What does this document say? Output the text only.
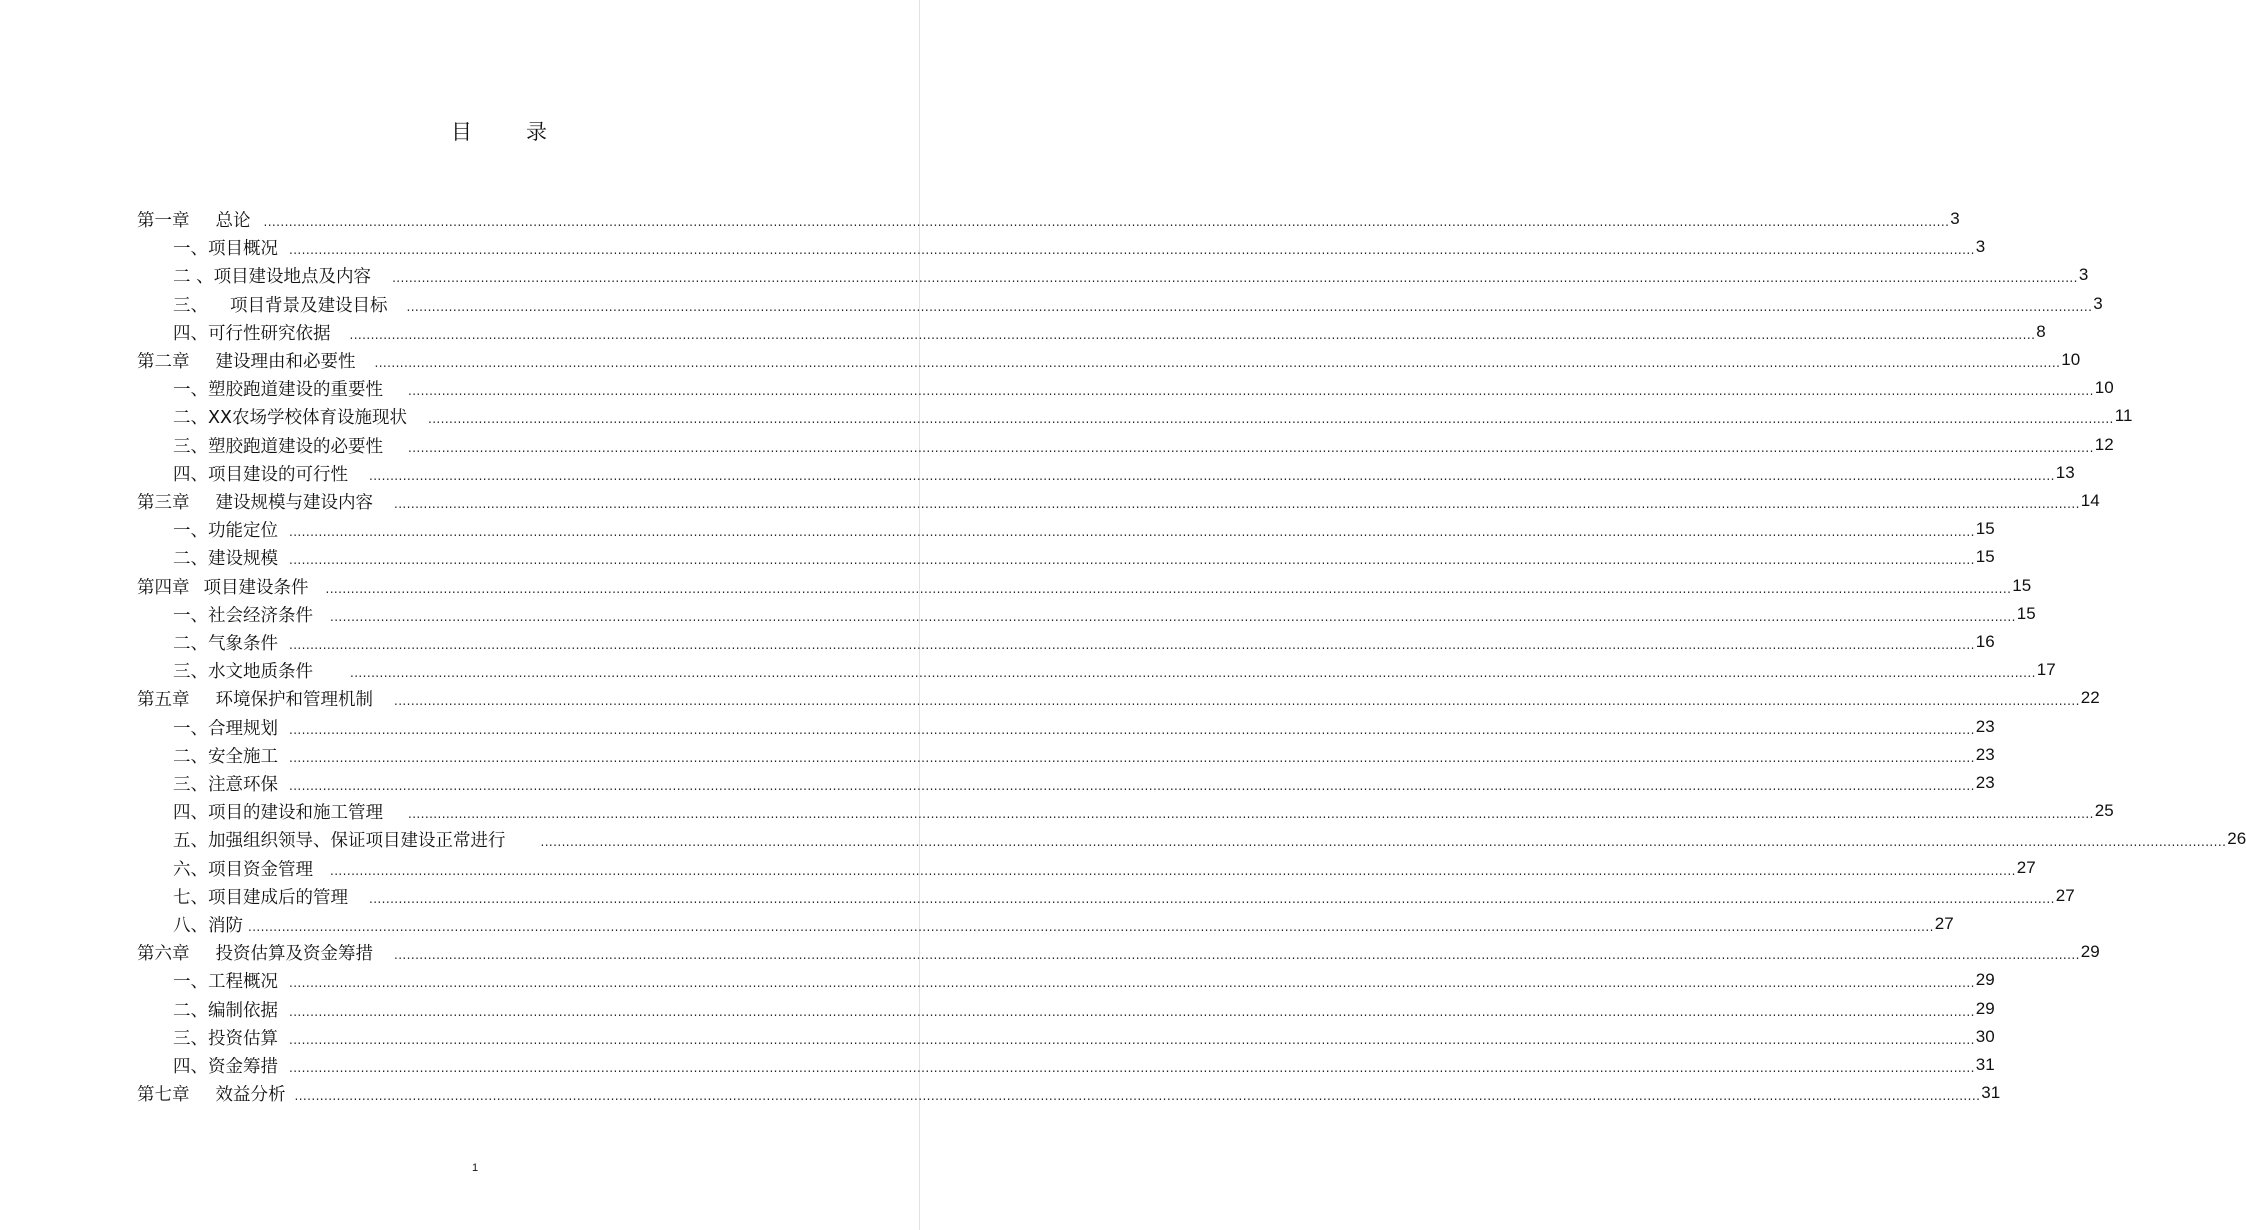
目 录
第一章 总论 ................................................................................................................................................................................................................................................................................................................................................................................................................ 3
一、项目概况 ................................................................................................................................................................................................................................................................................................................................................................................................................ 3
二 、项目建设地点及内容 ................................................................................................................................................................................................................................................................................................................................................................................................................ 3
三、 项目背景及建设目标 ................................................................................................................................................................................................................................................................................................................................................................................................................ 3
四、可行性研究依据 ................................................................................................................................................................................................................................................................................................................................................................................................................ 8
第二章 建设理由和必要性 ................................................................................................................................................................................................................................................................................................................................................................................................................ 10
一、塑胶跑道建设的重要性 ................................................................................................................................................................................................................................................................................................................................................................................................................ 10
二、XX农场学校体育设施现状 ................................................................................................................................................................................................................................................................................................................................................................................................................ 11
三、塑胶跑道建设的必要性 ................................................................................................................................................................................................................................................................................................................................................................................................................ 12
四、项目建设的可行性 ................................................................................................................................................................................................................................................................................................................................................................................................................ 13
第三章 建设规模与建设内容 ................................................................................................................................................................................................................................................................................................................................................................................................................ 14
一、功能定位 ................................................................................................................................................................................................................................................................................................................................................................................................................ 15
二、建设规模 ................................................................................................................................................................................................................................................................................................................................................................................................................ 15
第四章 项目建设条件 ................................................................................................................................................................................................................................................................................................................................................................................................................ 15
一、社会经济条件 ................................................................................................................................................................................................................................................................................................................................................................................................................ 15
二、气象条件 ................................................................................................................................................................................................................................................................................................................................................................................................................ 16
三、水文地质条件	................................................................................................................................................................................................................................................................................................................................................................................................................ 17
第五章 环境保护和管理机制 ................................................................................................................................................................................................................................................................................................................................................................................................................ 22
一、合理规划 ................................................................................................................................................................................................................................................................................................................................................................................................................ 23
二、安全施工 ................................................................................................................................................................................................................................................................................................................................................................................................................ 23
三、注意环保 ................................................................................................................................................................................................................................................................................................................................................................................................................ 23
四、项目的建设和施工管理 ................................................................................................................................................................................................................................................................................................................................................................................................................ 25
五、加强组织领导、保证项目建设正常进行	................................................................................................................................................................................................................................................................................................................................................................................................................ 26
六、项目资金管理 ................................................................................................................................................................................................................................................................................................................................................................................................................ 27
七、项目建成后的管理 ................................................................................................................................................................................................................................................................................................................................................................................................................ 27
八、消防 ................................................................................................................................................................................................................................................................................................................................................................................................................ 27
第六章 投资估算及资金筹措 ................................................................................................................................................................................................................................................................................................................................................................................................................ 29
一、工程概况 ................................................................................................................................................................................................................................................................................................................................................................................................................ 29
二、编制依据 ................................................................................................................................................................................................................................................................................................................................................................................................................ 29
三、投资估算 ................................................................................................................................................................................................................................................................................................................................................................................................................ 30
四、资金筹措 ................................................................................................................................................................................................................................................................................................................................................................................................................ 31
第七章 效益分析 ................................................................................................................................................................................................................................................................................................................................................................................................................ 31
1
